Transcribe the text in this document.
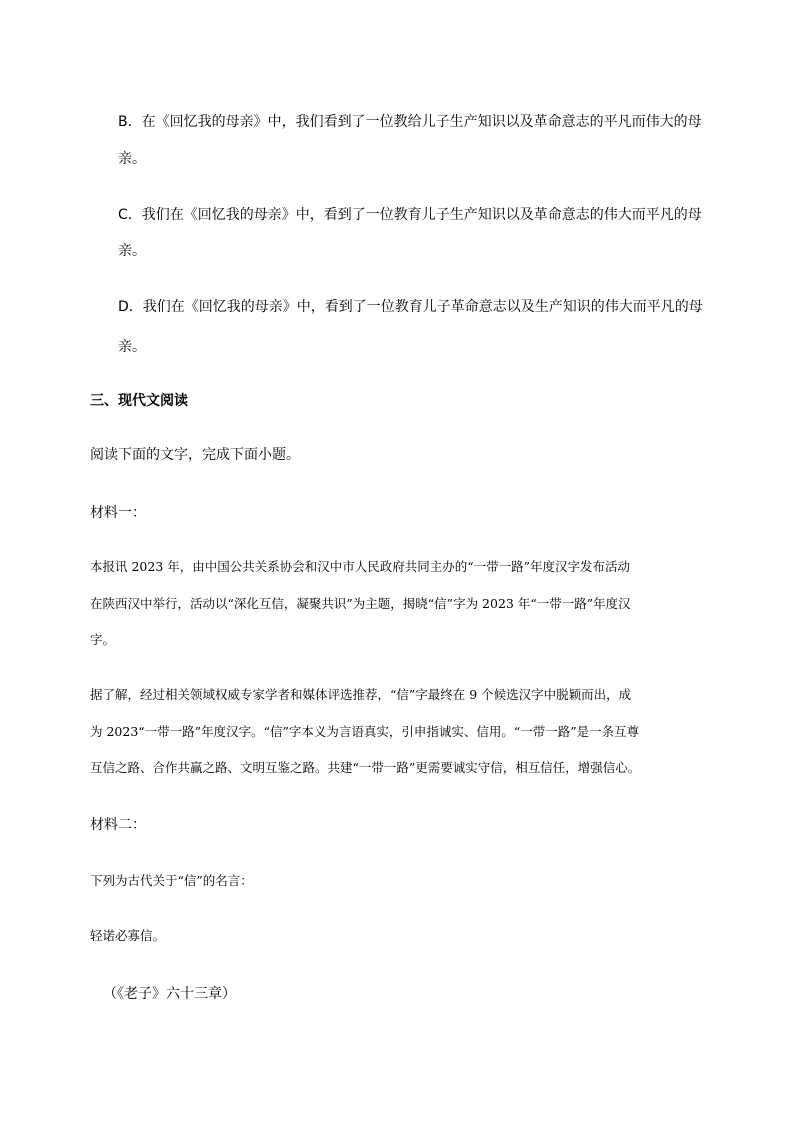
B．在《回忆我的母亲》中，我们看到了一位教给儿子生产知识以及革命意志的平凡而伟大的母
亲。
C．我们在《回忆我的母亲》中，看到了一位教育儿子生产知识以及革命意志的伟大而平凡的母
亲。
D．我们在《回忆我的母亲》中，看到了一位教育儿子革命意志以及生产知识的伟大而平凡的母
亲。
三、现代文阅读
阅读下面的文字，完成下面小题。
材料一：
本报讯 2023 年，由中国公共关系协会和汉中市人民政府共同主办的“一带一路”年度汉字发布活动
在陕西汉中举行，活动以“深化互信，凝聚共识”为主题，揭晓“信”字为 2023 年“一带一路”年度汉
字。
据了解，经过相关领域权威专家学者和媒体评选推荐，“信”字最终在 9 个候选汉字中脱颖而出，成
为 2023“一带一路”年度汉字。“信”字本义为言语真实，引申指诚实、信用。“一带一路”是一条互尊
互信之路、合作共赢之路、文明互鉴之路。共建“一带一路”更需要诚实守信，相互信任，增强信心。
材料二：
下列为古代关于“信”的名言：
轻诺必寡信。
（《老子》六十三章）
